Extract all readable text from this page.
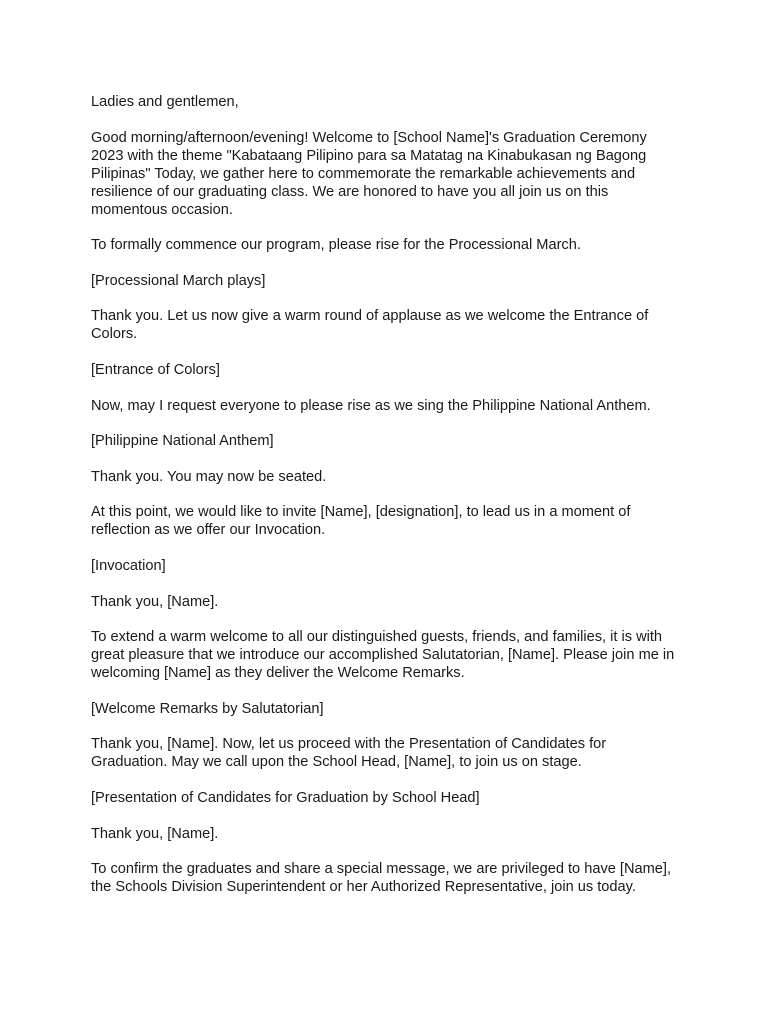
Ladies and gentlemen,

Good morning/afternoon/evening! Welcome to [School Name]'s Graduation Ceremony 2023 with the theme "Kabataang Pilipino para sa Matatag na Kinabukasan ng Bagong Pilipinas" Today, we gather here to commemorate the remarkable achievements and resilience of our graduating class. We are honored to have you all join us on this momentous occasion.

To formally commence our program, please rise for the Processional March.

[Processional March plays]

Thank you. Let us now give a warm round of applause as we welcome the Entrance of Colors.

[Entrance of Colors]

Now, may I request everyone to please rise as we sing the Philippine National Anthem.

[Philippine National Anthem]

Thank you. You may now be seated.

At this point, we would like to invite [Name], [designation], to lead us in a moment of reflection as we offer our Invocation.

[Invocation]

Thank you, [Name].

To extend a warm welcome to all our distinguished guests, friends, and families, it is with great pleasure that we introduce our accomplished Salutatorian, [Name]. Please join me in welcoming [Name] as they deliver the Welcome Remarks.

[Welcome Remarks by Salutatorian]

Thank you, [Name]. Now, let us proceed with the Presentation of Candidates for Graduation. May we call upon the School Head, [Name], to join us on stage.

[Presentation of Candidates for Graduation by School Head]

Thank you, [Name].

To confirm the graduates and share a special message, we are privileged to have [Name], the Schools Division Superintendent or her Authorized Representative, join us today.
